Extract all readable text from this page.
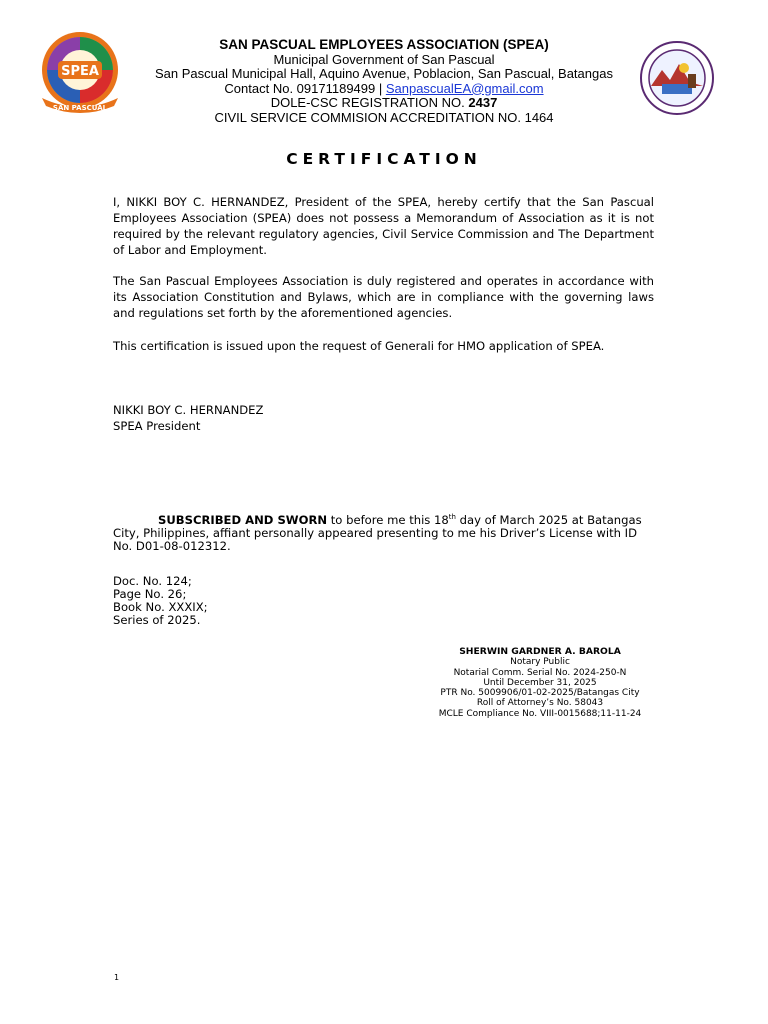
SPEA
SAN PASCUAL
SAN PASCUAL EMPLOYEES ASSOCIATION (SPEA)
Municipal Government of San Pascual
San Pascual Municipal Hall, Aquino Avenue, Poblacion, San Pascual, Batangas
Contact No. 09171189499 | SanpascualEA@gmail.com
DOLE-CSC REGISTRATION NO. 2437
CIVIL SERVICE COMMISION ACCREDITATION NO. 1464
CERTIFICATION
I, NIKKI BOY C. HERNANDEZ, President of the SPEA, hereby certify that the San Pascual Employees Association (SPEA) does not possess a Memorandum of Association as it is not required by the relevant regulatory agencies, Civil Service Commission and The Department of Labor and Employment.
The San Pascual Employees Association is duly registered and operates in accordance with its Association Constitution and Bylaws, which are in compliance with the governing laws and regulations set forth by the aforementioned agencies.
This certification is issued upon the request of Generali for HMO application of SPEA.
NIKKI BOY C. HERNANDEZ
SPEA President
SUBSCRIBED AND SWORN to before me this 18th day of March 2025 at Batangas City, Philippines, affiant personally appeared presenting to me his Driver’s License with ID No. D01-08-012312.
Doc. No. 124;
Page No. 26;
Book No. XXXIX;
Series of 2025.
SHERWIN GARDNER A. BAROLA
Notary Public
Notarial Comm. Serial No. 2024-250-N
Until December 31, 2025
PTR No. 5009906/01-02-2025/Batangas City
Roll of Attorney’s No. 58043
MCLE Compliance No. VIII-0015688;11-11-24
1
